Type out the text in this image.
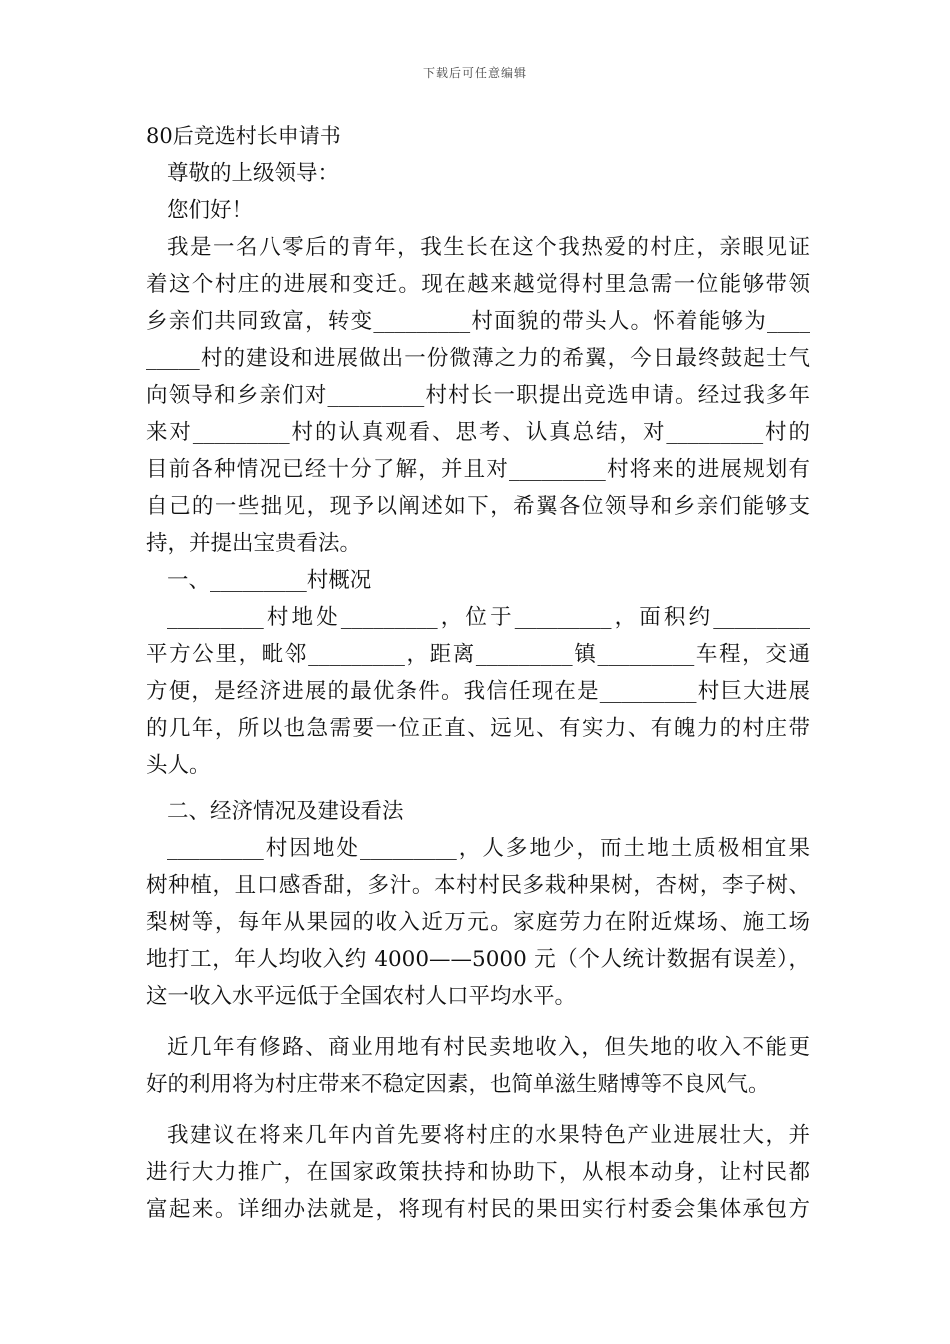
下载后可任意编辑
80后竞选村长申请书
尊敬的上级领导：
您们好！
我是一名八零后的青年，我生长在这个我热爱的村庄，亲眼见证
着这个村庄的进展和变迁。现在越来越觉得村里急需一位能够带领
乡亲们共同致富，转变_________村面貌的带头人。怀着能够为____
_____村的建设和进展做出一份微薄之力的希翼，今日最终鼓起士气
向领导和乡亲们对_________村村长一职提出竞选申请。经过我多年
来对_________村的认真观看、思考、认真总结，对_________村的
目前各种情况已经十分了解，并且对_________村将来的进展规划有
自己的一些拙见，现予以阐述如下，希翼各位领导和乡亲们能够支
持，并提出宝贵看法。
一、_________村概况
_________村地处_________，位于_________，面积约_________
平方公里，毗邻_________，距离_________镇_________车程，交通
方便，是经济进展的最优条件。我信任现在是_________村巨大进展
的几年，所以也急需要一位正直、远见、有实力、有魄力的村庄带
头人。
二、经济情况及建设看法
_________村因地处_________，人多地少，而土地土质极相宜果
树种植，且口感香甜，多汁。本村村民多栽种果树，杏树，李子树、
梨树等，每年从果园的收入近万元。家庭劳力在附近煤场、施工场
地打工，年人均收入约 4000——5000 元（个人统计数据有误差），
这一收入水平远低于全国农村人口平均水平。
近几年有修路、商业用地有村民卖地收入，但失地的收入不能更
好的利用将为村庄带来不稳定因素，也简单滋生赌博等不良风气。
我建议在将来几年内首先要将村庄的水果特色产业进展壮大，并
进行大力推广，在国家政策扶持和协助下，从根本动身，让村民都
富起来。详细办法就是，将现有村民的果田实行村委会集体承包方
